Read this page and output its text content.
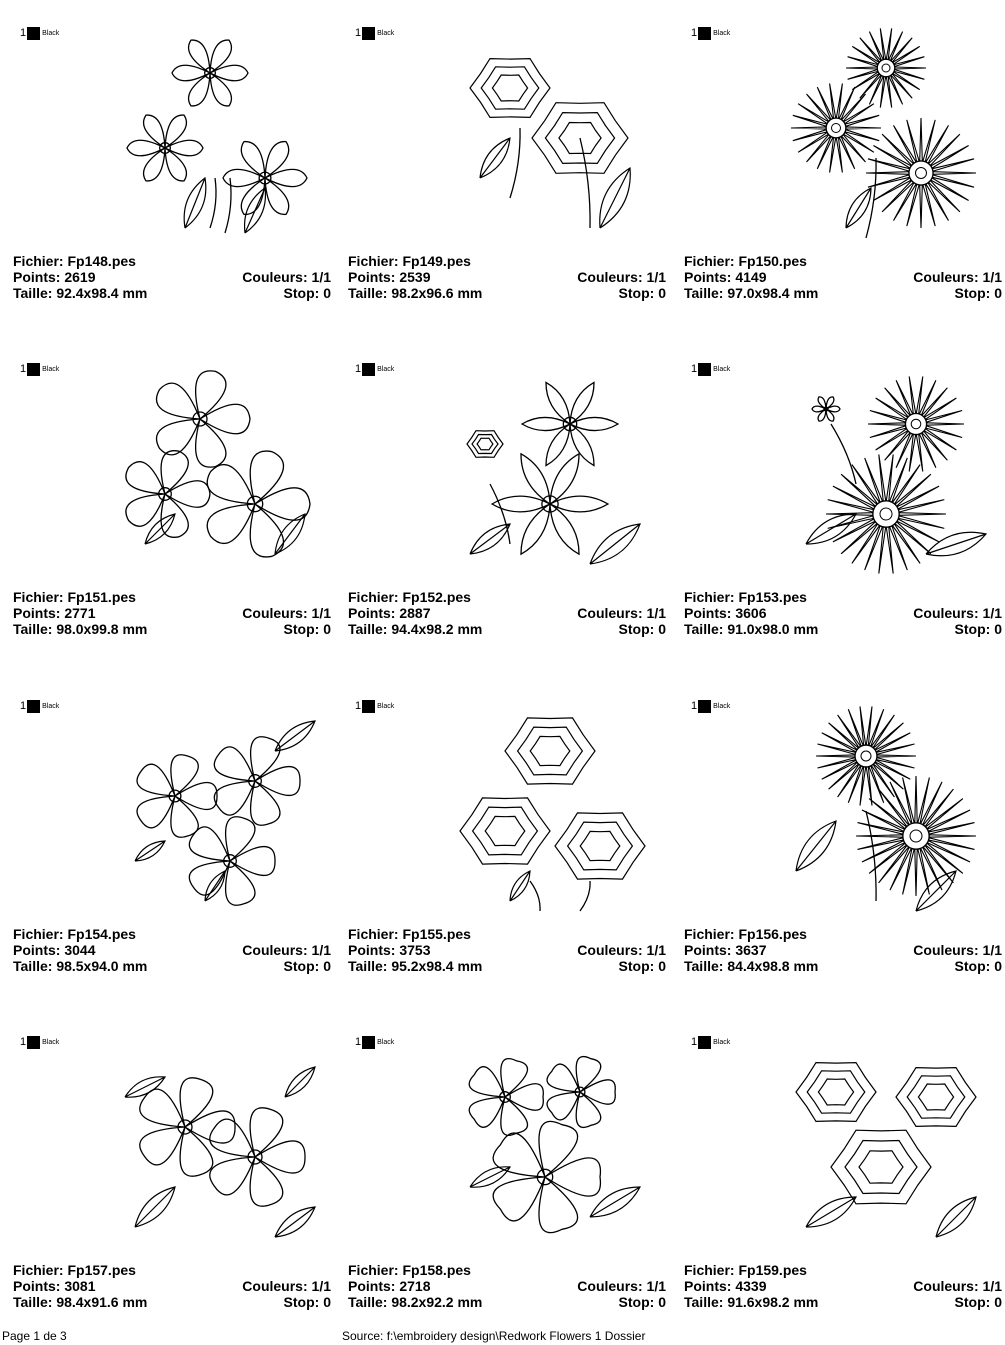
1 Black
Fichier: Fp148.pes
Points: 2619	Couleurs: 1/1
Taille: 92.4x98.4 mm	Stop: 0
1 Black
Fichier: Fp149.pes
Points: 2539	Couleurs: 1/1
Taille: 98.2x96.6 mm	Stop: 0
1 Black
Fichier: Fp150.pes
Points: 4149	Couleurs: 1/1
Taille: 97.0x98.4 mm	Stop: 0
1 Black
Fichier: Fp151.pes
Points: 2771	Couleurs: 1/1
Taille: 98.0x99.8 mm	Stop: 0
1 Black
Fichier: Fp152.pes
Points: 2887	Couleurs: 1/1
Taille: 94.4x98.2 mm	Stop: 0
1 Black
Fichier: Fp153.pes
Points: 3606	Couleurs: 1/1
Taille: 91.0x98.0 mm	Stop: 0
1 Black
Fichier: Fp154.pes
Points: 3044	Couleurs: 1/1
Taille: 98.5x94.0 mm	Stop: 0
1 Black
Fichier: Fp155.pes
Points: 3753	Couleurs: 1/1
Taille: 95.2x98.4 mm	Stop: 0
1 Black
Fichier: Fp156.pes
Points: 3637	Couleurs: 1/1
Taille: 84.4x98.8 mm	Stop: 0
1 Black
Fichier: Fp157.pes
Points: 3081	Couleurs: 1/1
Taille: 98.4x91.6 mm	Stop: 0
1 Black
Fichier: Fp158.pes
Points: 2718	Couleurs: 1/1
Taille: 98.2x92.2 mm	Stop: 0
1 Black
Fichier: Fp159.pes
Points: 4339	Couleurs: 1/1
Taille: 91.6x98.2 mm	Stop: 0
Page 1 de 3	Source: f:\embroidery design\Redwork Flowers 1 Dossier
